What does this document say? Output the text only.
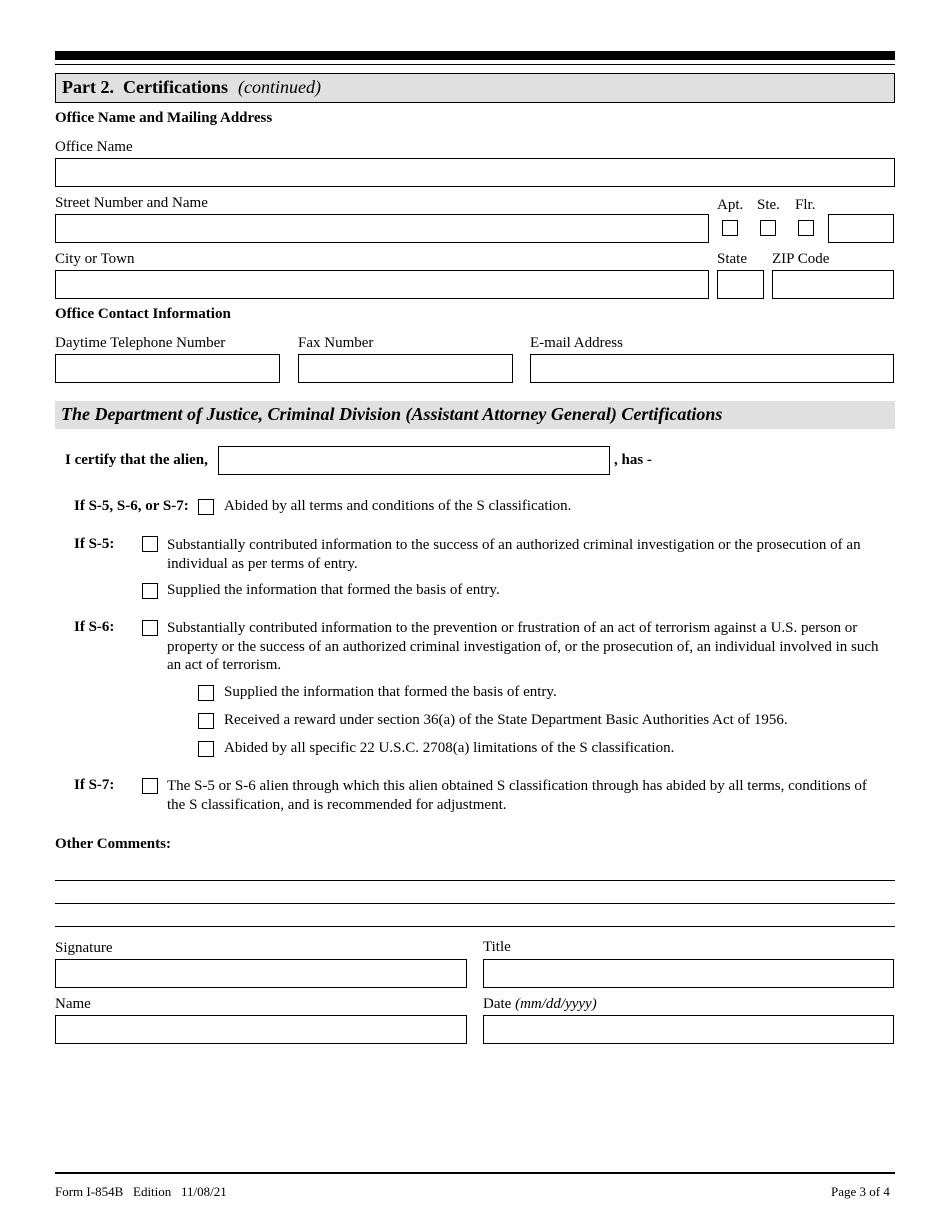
Part 2.  Certifications (continued)
Office Name and Mailing Address
Office Name
Street Number and Name	Apt. Ste. Flr.
City or Town	State ZIP Code
Office Contact Information
Daytime Telephone Number	Fax Number	E-mail Address
The Department of Justice, Criminal Division (Assistant Attorney General) Certifications
I certify that the alien,	, has -
If S-5, S-6, or S-7: Abided by all terms and conditions of the S classification.
If S-5:	Substantially contributed information to the success of an authorized criminal investigation or the prosecution of an individual as per terms of entry.
Supplied the information that formed the basis of entry.
If S-6:	Substantially contributed information to the prevention or frustration of an act of terrorism against a U.S. person or property or the success of an authorized criminal investigation of, or the prosecution of, an individual involved in such an act of terrorism.
Supplied the information that formed the basis of entry.
Received a reward under section 36(a) of the State Department Basic Authorities Act of 1956.
Abided by all specific 22 U.S.C. 2708(a) limitations of the S classification.
If S-7:	The S-5 or S-6 alien through which this alien obtained S classification through has abided by all terms, conditions of the S classification, and is recommended for adjustment.
Other Comments:
Signature	Title
Name	Date (mm/dd/yyyy)
Form I-854B   Edition   11/08/21	Page 3 of 4
